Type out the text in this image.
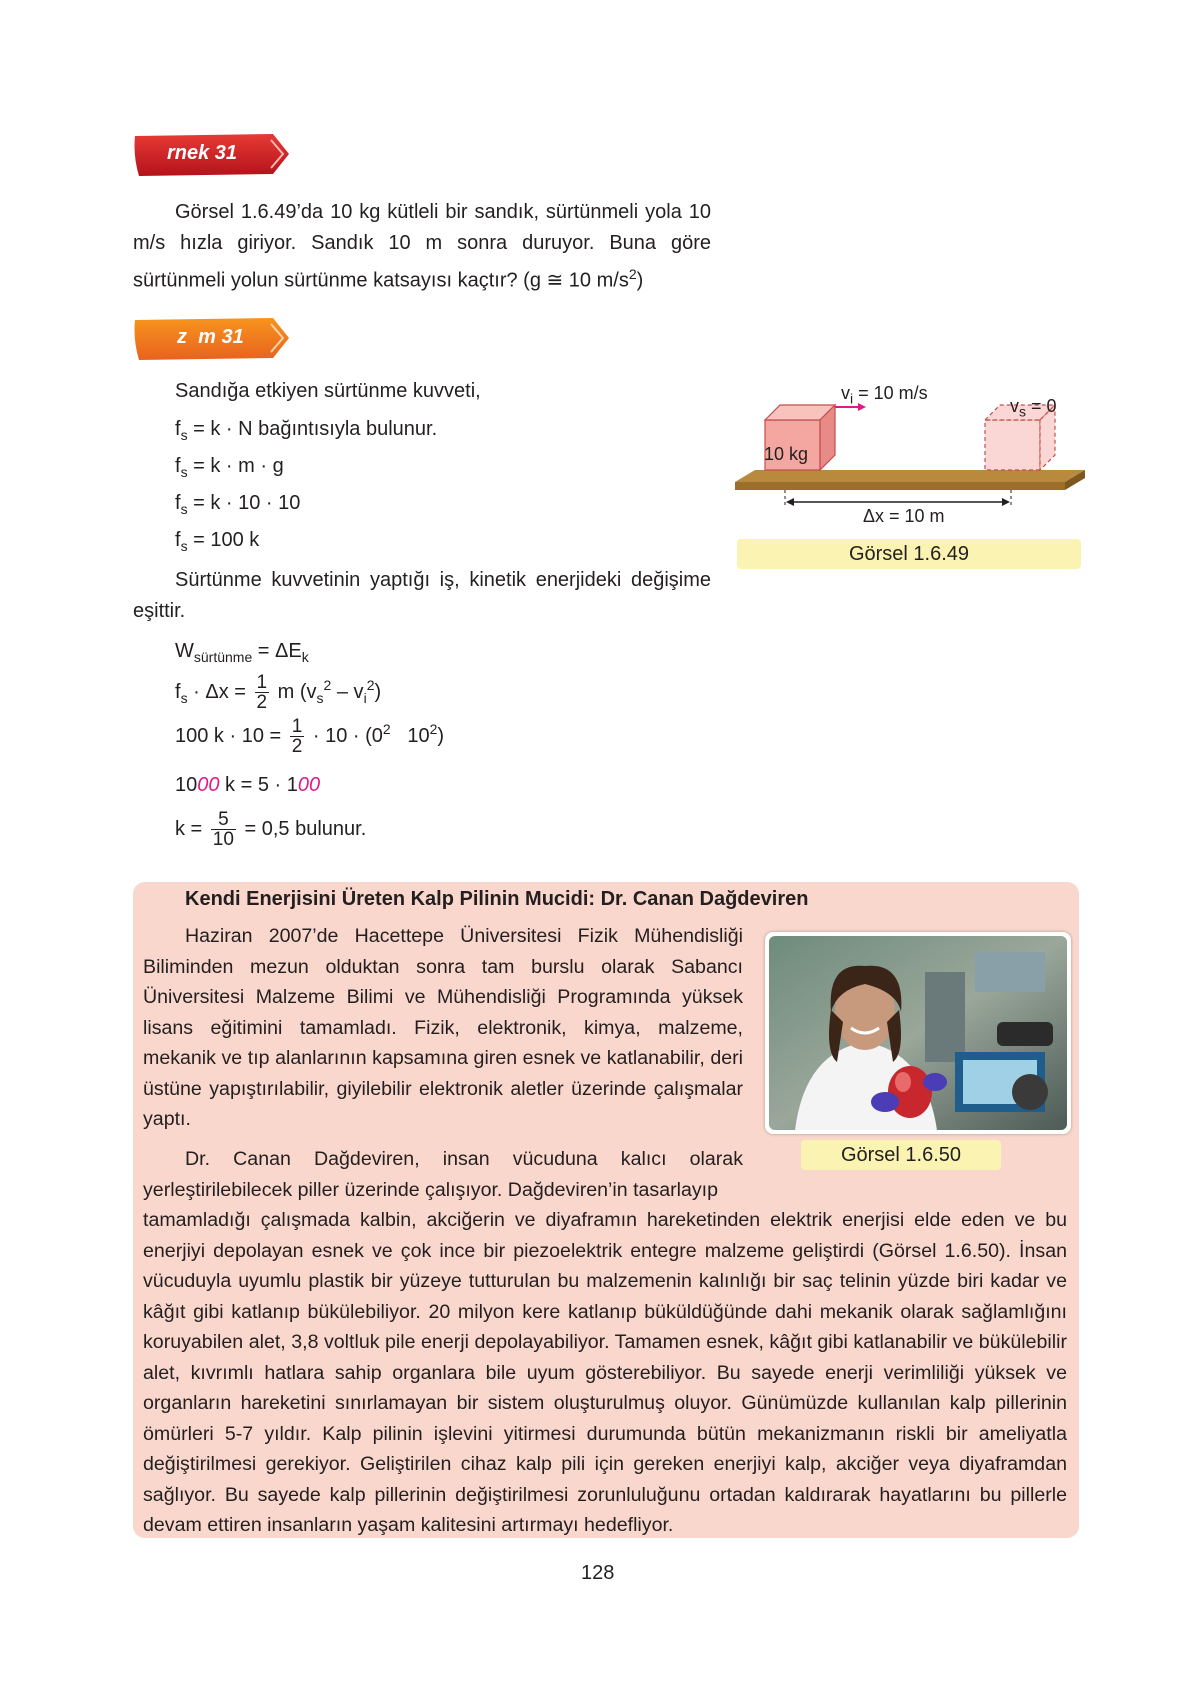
rnek 31
Görsel 1.6.49’da 10 kg kütleli bir sandık, sürtünmeli yola 10 m/s hızla giriyor. Sandık 10 m sonra duruyor. Buna göre sürtünmeli yolun sürtünme katsayısı kaçtır? (g ≅ 10 $m/s^2$)
z  m 31
Sandığa etkiyen sürtünme kuvveti,
$f_s = k \cdot N$ bağıntısıyla bulunur.
$f_s = k \cdot m \cdot g$
$f_s = k \cdot 10 \cdot 10$
$f_s = 100$ k
Sürtünme kuvvetinin yaptığı iş, kinetik enerjideki değişime eşittir.
$W_{sürtünme} = \Delta E_k$
$f_s \cdot \Delta x = \frac{1}{2}$ m $(v_s^2 - v_i^2)$
100 $k \cdot 10 = \frac{1}{2} \cdot 10 \cdot (0^2$   $10^2$)
1000 k = 5 · 100
$k = \frac{5}{10} = 0,5$ bulunur.
$v_i = 10$ m/s
$v_s = 0$
10 kg
Δx = 10 m
Görsel 1.6.49
Kendi Enerjisini Üreten Kalp Pilinin Mucidi: Dr. Canan Dağdeviren
Haziran 2007’de Hacettepe Üniversitesi Fizik Mühendisliği Biliminden mezun olduktan sonra tam burslu olarak Sabancı Üniversitesi Malzeme Bilimi ve Mühendisliği Programında yüksek lisans eğitimini tamamladı. Fizik, elektronik, kimya, malzeme, mekanik ve tıp alanlarının kapsamına giren esnek ve katlanabilir, deri üstüne yapıştırılabilir, giyilebilir elektronik aletler üzerinde çalışmalar yaptı.
Dr. Canan Dağdeviren, insan vücuduna kalıcı olarak yerleştirilebilecek piller üzerinde çalışıyor. Dağdeviren’in tasarlayıp
tamamladığı çalışmada kalbin, akciğerin ve diyaframın hareketinden elektrik enerjisi elde eden ve bu enerjiyi depolayan esnek ve çok ince bir piezoelektrik entegre malzeme geliştirdi (Görsel 1.6.50). İnsan vücuduyla uyumlu plastik bir yüzeye tutturulan bu malzemenin kalınlığı bir saç telinin yüzde biri kadar ve kâğıt gibi katlanıp bükülebiliyor. 20 milyon kere katlanıp büküldüğünde dahi mekanik olarak sağlamlığını koruyabilen alet, 3,8 voltluk pile enerji depolayabiliyor. Tamamen esnek, kâğıt gibi katlanabilir ve bükülebilir alet, kıvrımlı hatlara sahip organlara bile uyum gösterebiliyor. Bu sayede enerji verimliliği yüksek ve organların hareketini sınırlamayan bir sistem oluşturulmuş oluyor. Günümüzde kullanılan kalp pillerinin ömürleri 5-7 yıldır. Kalp pilinin işlevini yitirmesi durumunda bütün mekanizmanın riskli bir ameliyatla değiştirilmesi gerekiyor. Geliştirilen cihaz kalp pili için gereken enerjiyi kalp, akciğer veya diyaframdan sağlıyor. Bu sayede kalp pillerinin değiştirilmesi zorunluluğunu ortadan kaldırarak hayatlarını bu pillerle devam ettiren insanların yaşam kalitesini artırmayı hedefliyor.
Görsel 1.6.50
128
